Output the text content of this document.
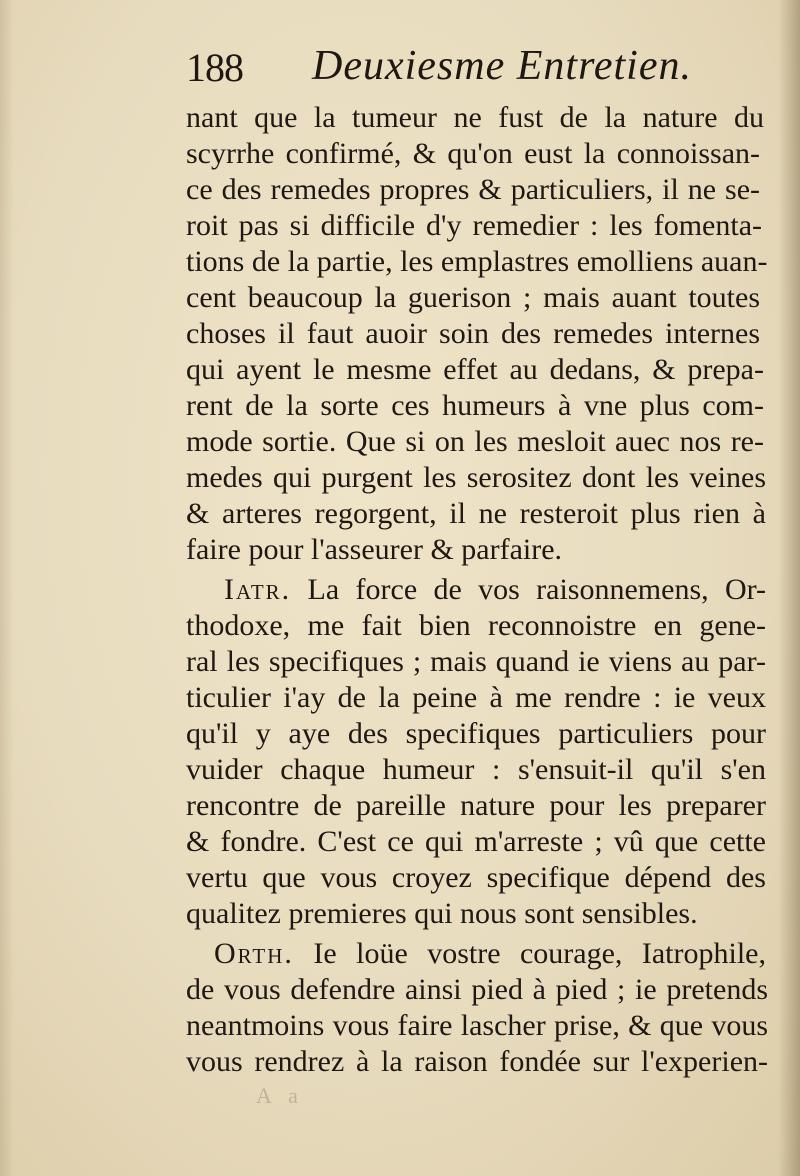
188 Deuxiesme Entretien.
nant que la tumeur ne fust de la nature du
scyrrhe confirmé, & qu'on eust la connoissan-
ce des remedes propres & particuliers, il ne se-
roit pas si difficile d'y remedier : les fomenta-
tions de la partie, les emplastres emolliens auan-
cent beaucoup la guerison ; mais auant toutes
choses il faut auoir soin des remedes internes
qui ayent le mesme effet au dedans, & prepa-
rent de la sorte ces humeurs à vne plus com-
mode sortie. Que si on les mesloit auec nos re-
medes qui purgent les serositez dont les veines
& arteres regorgent, il ne resteroit plus rien à
faire pour l'asseurer & parfaire.
Iatr. La force de vos raisonnemens, Or-
thodoxe, me fait bien reconnoistre en gene-
ral les specifiques ; mais quand ie viens au par-
ticulier i'ay de la peine à me rendre : ie veux
qu'il y aye des specifiques particuliers pour
vuider chaque humeur : s'ensuit-il qu'il s'en
rencontre de pareille nature pour les preparer
& fondre. C'est ce qui m'arreste ; vû que cette
vertu que vous croyez specifique dépend des
qualitez premieres qui nous sont sensibles.
Orth. Ie loüe vostre courage, Iatrophile,
de vous defendre ainsi pied à pied ; ie pretends
neantmoins vous faire lascher prise, & que vous
vous rendrez à la raison fondée sur l'experien-
A a
